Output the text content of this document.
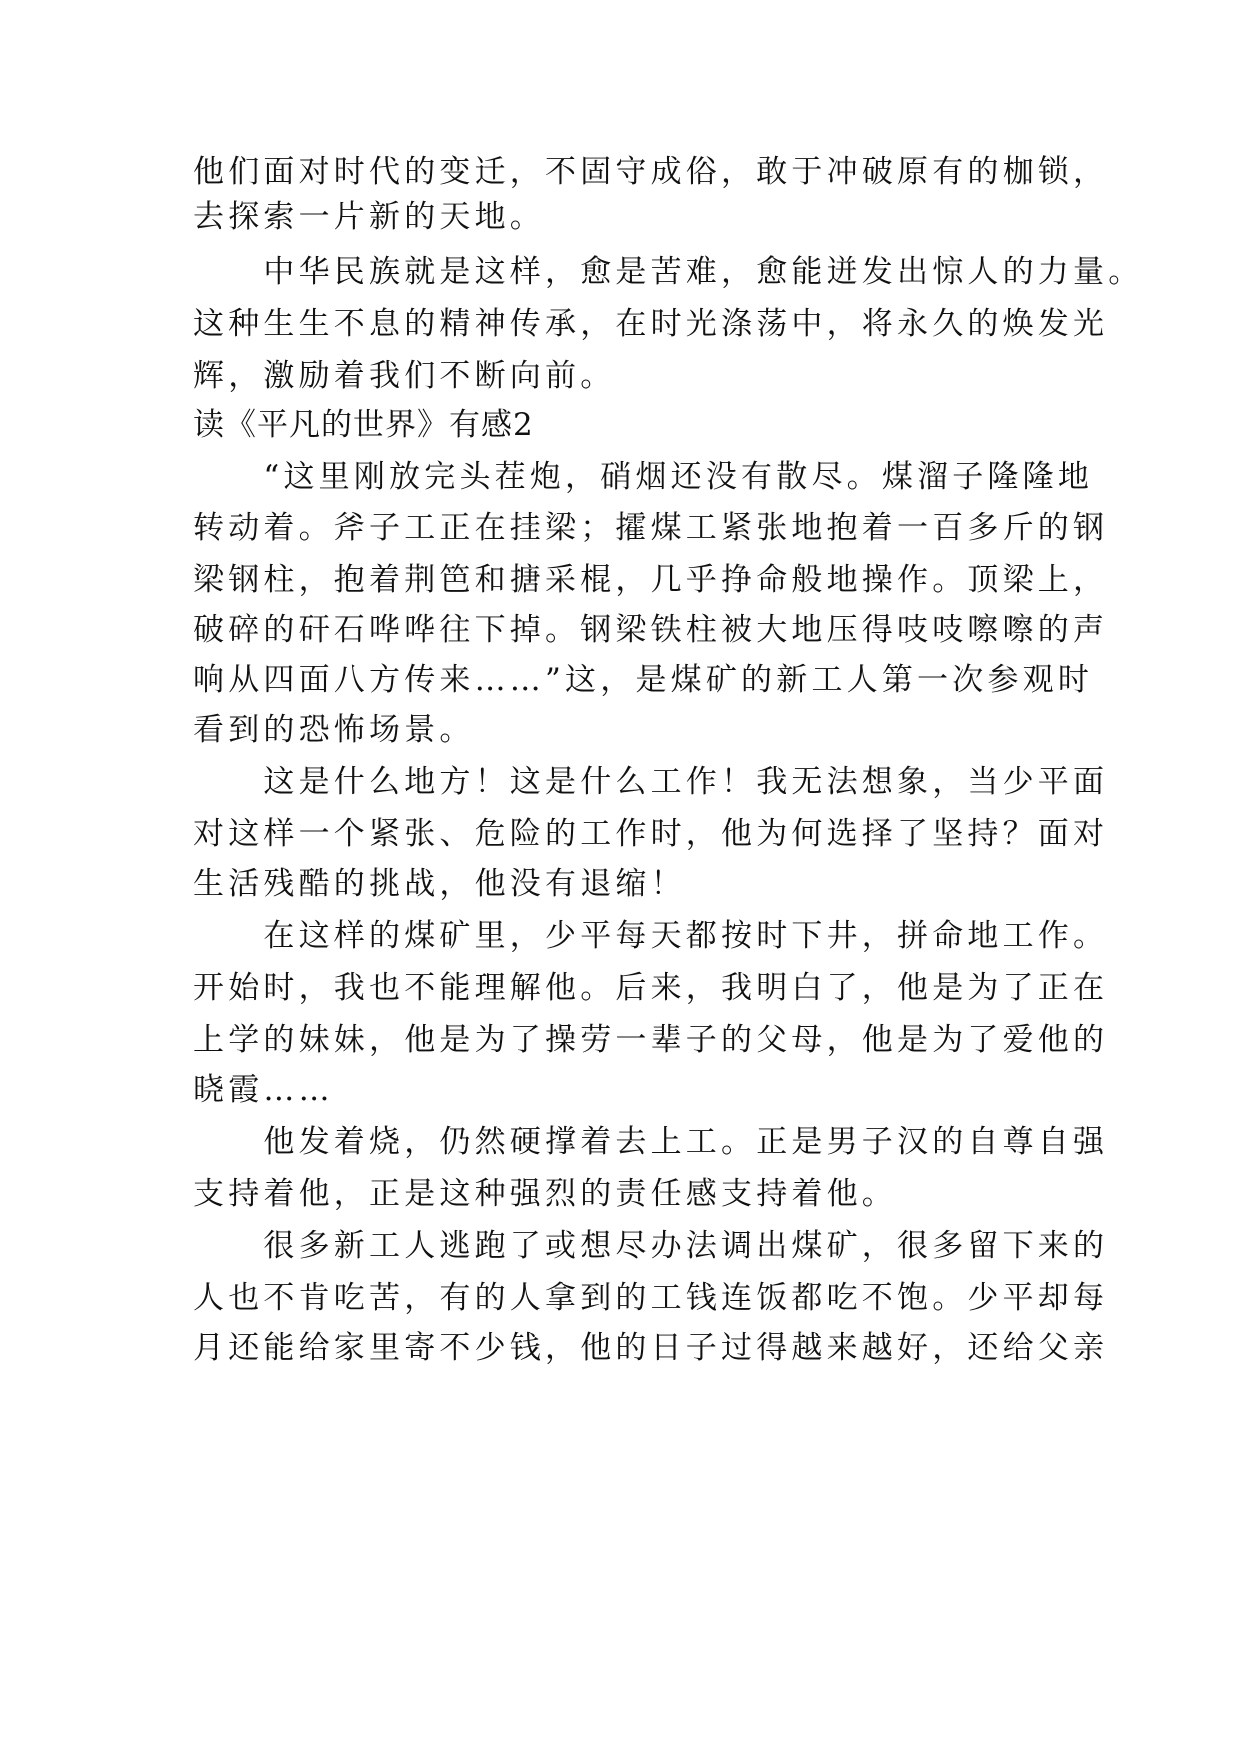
他们面对时代的变迁，不固守成俗，敢于冲破原有的枷锁，
去探索一片新的天地。
　　中华民族就是这样，愈是苦难，愈能迸发出惊人的力量。
这种生生不息的精神传承，在时光涤荡中，将永久的焕发光
辉，激励着我们不断向前。
读《平凡的世界》有感2
　　“这里刚放完头茬炮，硝烟还没有散尽。煤溜子隆隆地
转动着。斧子工正在挂梁；攉煤工紧张地抱着一百多斤的钢
梁钢柱，抱着荆笆和搪采棍，几乎挣命般地操作。顶梁上，
破碎的矸石哗哗往下掉。钢梁铁柱被大地压得吱吱嚓嚓的声
响从四面八方传来……”这，是煤矿的新工人第一次参观时
看到的恐怖场景。
　　这是什么地方！这是什么工作！我无法想象，当少平面
对这样一个紧张、危险的工作时，他为何选择了坚持？面对
生活残酷的挑战，他没有退缩！
　　在这样的煤矿里，少平每天都按时下井，拼命地工作。
开始时，我也不能理解他。后来，我明白了，他是为了正在
上学的妹妹，他是为了操劳一辈子的父母，他是为了爱他的
晓霞……
　　他发着烧，仍然硬撑着去上工。正是男子汉的自尊自强
支持着他，正是这种强烈的责任感支持着他。
　　很多新工人逃跑了或想尽办法调出煤矿，很多留下来的
人也不肯吃苦，有的人拿到的工钱连饭都吃不饱。少平却每
月还能给家里寄不少钱，他的日子过得越来越好，还给父亲
